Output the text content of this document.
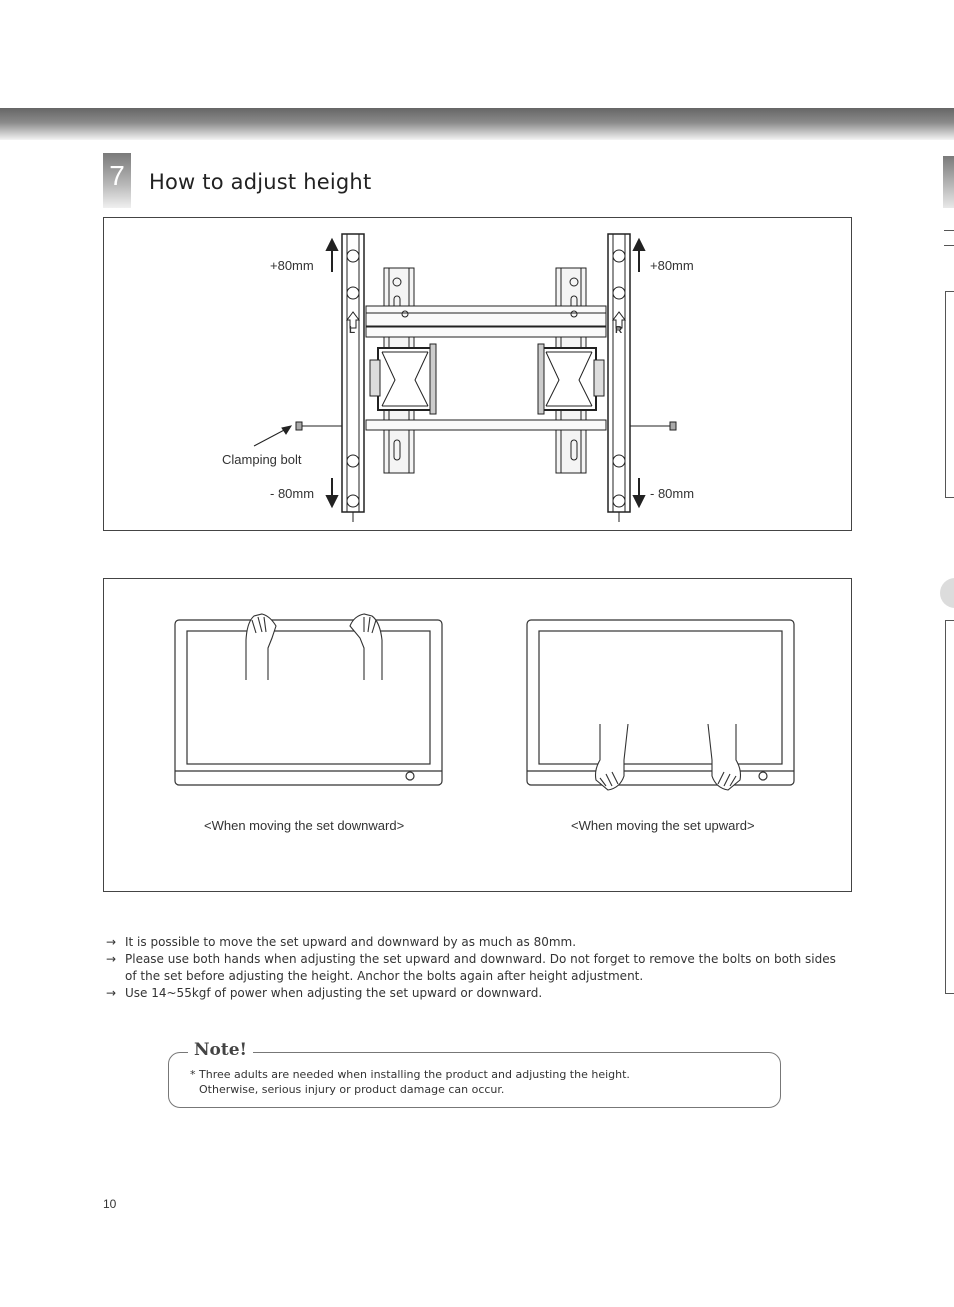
7 How to adjust height
+80mm	+80mm
- 80mm	- 80mm
Clamping bolt
L	R
<When moving the set downward>	<When moving the set upward>
→ It is possible to move the set upward and downward by as much as 80mm.
→ Please use both hands when adjusting the set upward and downward. Do not forget to remove the bolts on both sides of the set before adjusting the height. Anchor the bolts again after height adjustment.
→ Use 14~55kgf of power when adjusting the set upward or downward.
Note!
* Three adults are needed when installing the product and adjusting the height.
Otherwise, serious injury or product damage can occur.
10
